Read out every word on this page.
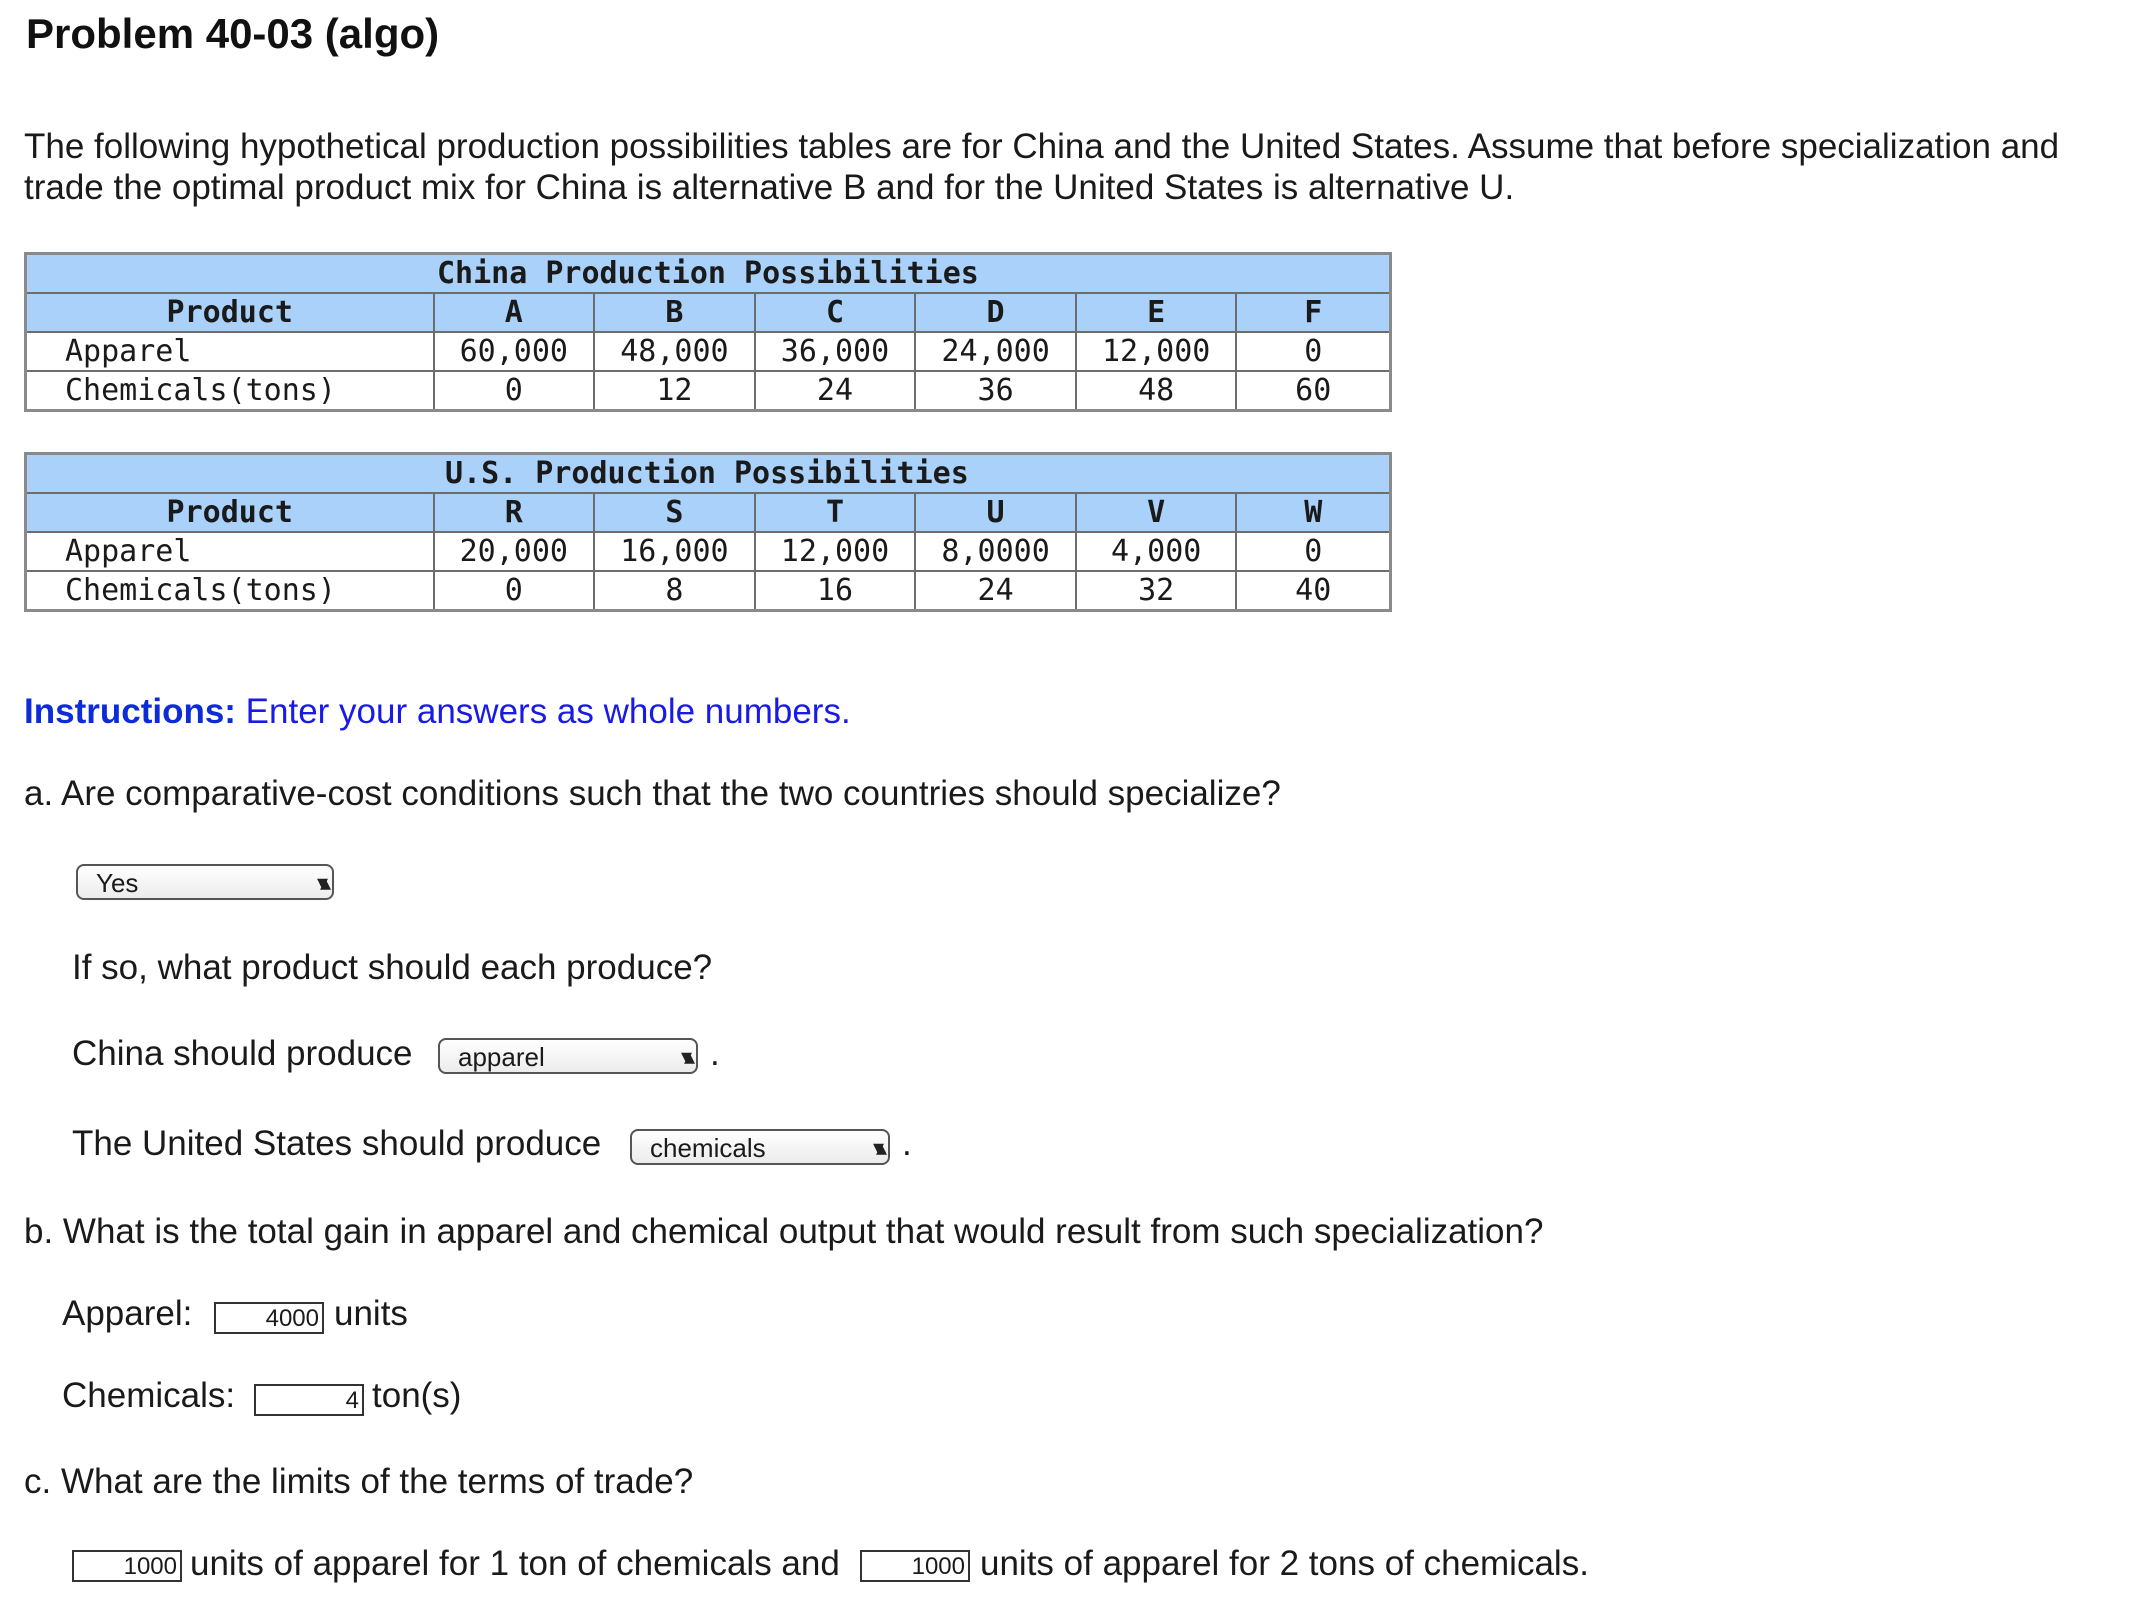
Problem 40-03 (algo)
The following hypothetical production possibilities tables are for China and the United States. Assume that before specialization and trade the optimal product mix for China is alternative B and for the United States is alternative U.
China Production Possibilities						
Product	A	B	C	D	E	F
Apparel	60,000	48,000	36,000	24,000	12,000	0
Chemicals(tons)	0	12	24	36	48	60
U.S. Production Possibilities						
Product	R	S	T	U	V	W
Apparel	20,000	16,000	12,000	8,0000	4,000	0
Chemicals(tons)	0	8	16	24	32	40
Instructions: Enter your answers as whole numbers.
a. Are comparative-cost conditions such that the two countries should specialize?
Yes
If so, what product should each produce?
China should produce	apparel	.
The United States should produce	chemicals	.
b. What is the total gain in apparel and chemical output that would result from such specialization?
Apparel:	4000 units
Chemicals:	4 ton(s)
c. What are the limits of the terms of trade?
1000 units of apparel for 1 ton of chemicals and	1000 units of apparel for 2 tons of chemicals.
